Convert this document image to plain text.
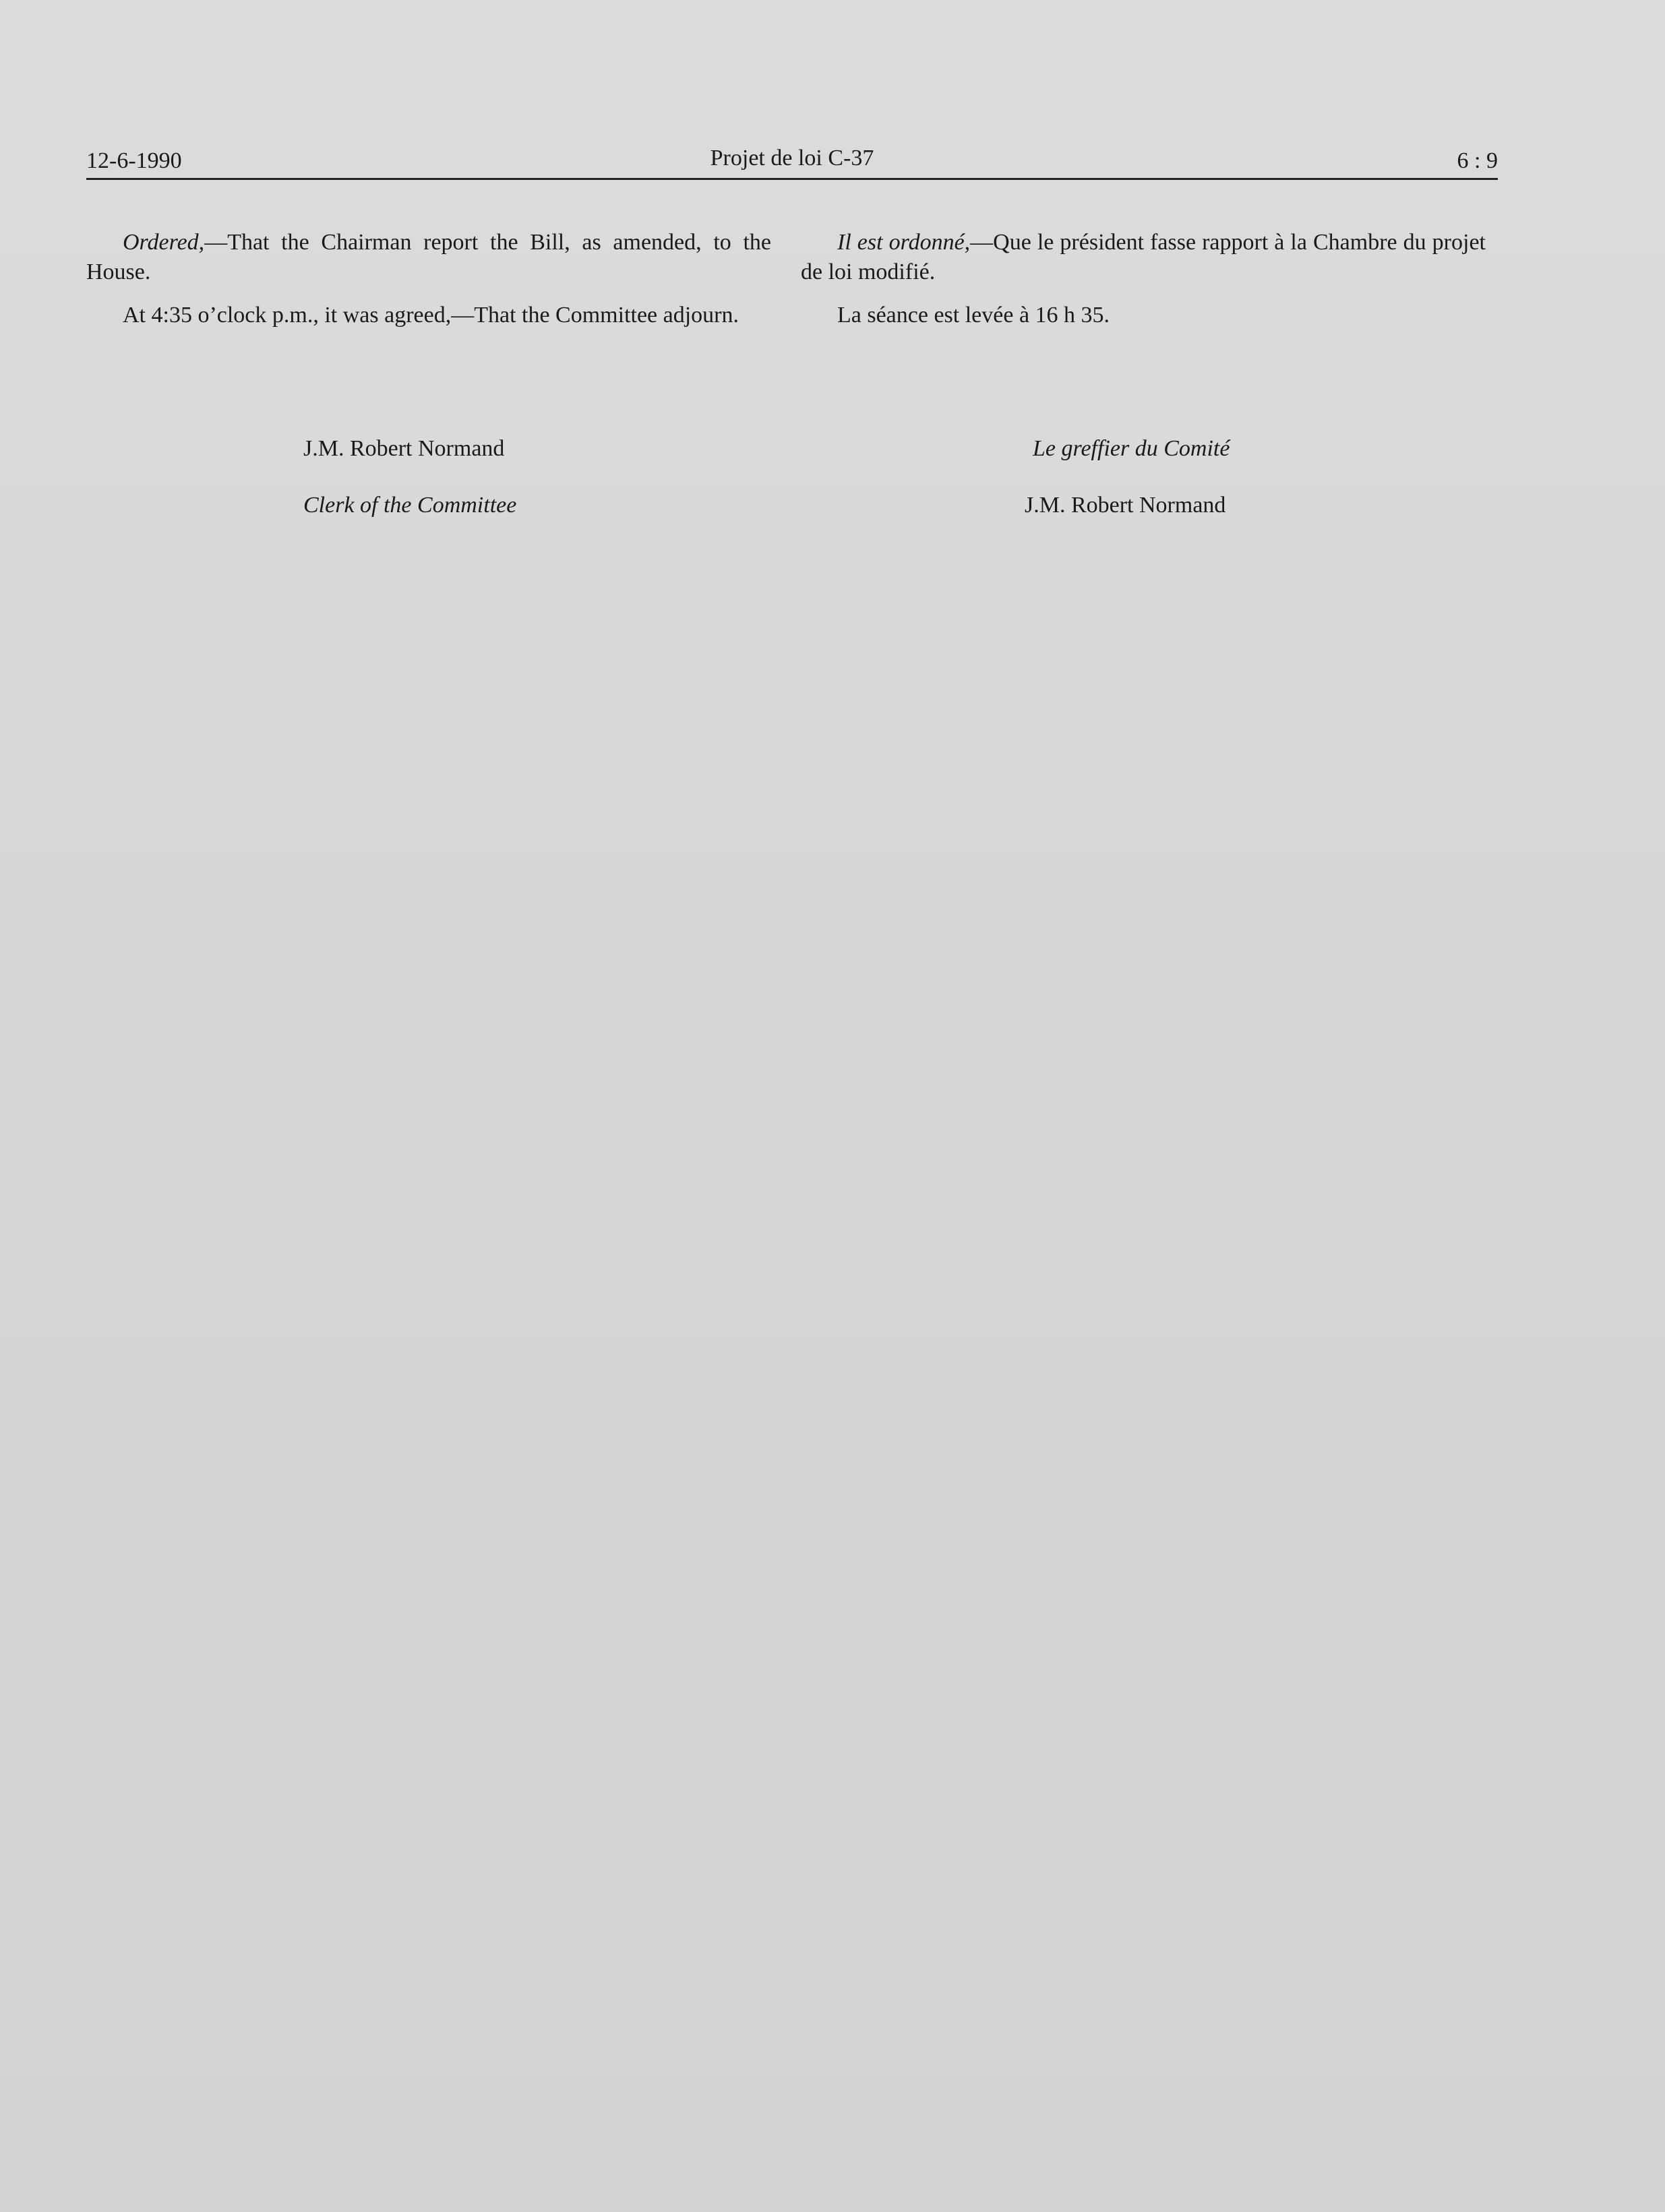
12-6-1990	Projet de loi C-37	6 : 9

Ordered,—That the Chairman report the Bill, as amended, to the House.

At 4:35 o’clock p.m., it was agreed,—That the Committee adjourn.

Il est ordonné,—Que le président fasse rapport à la Chambre du projet de loi modifié.

La séance est levée à 16 h 35.

J.M. Robert Normand
Clerk of the Committee
Le greffier du Comité
J.M. Robert Normand
